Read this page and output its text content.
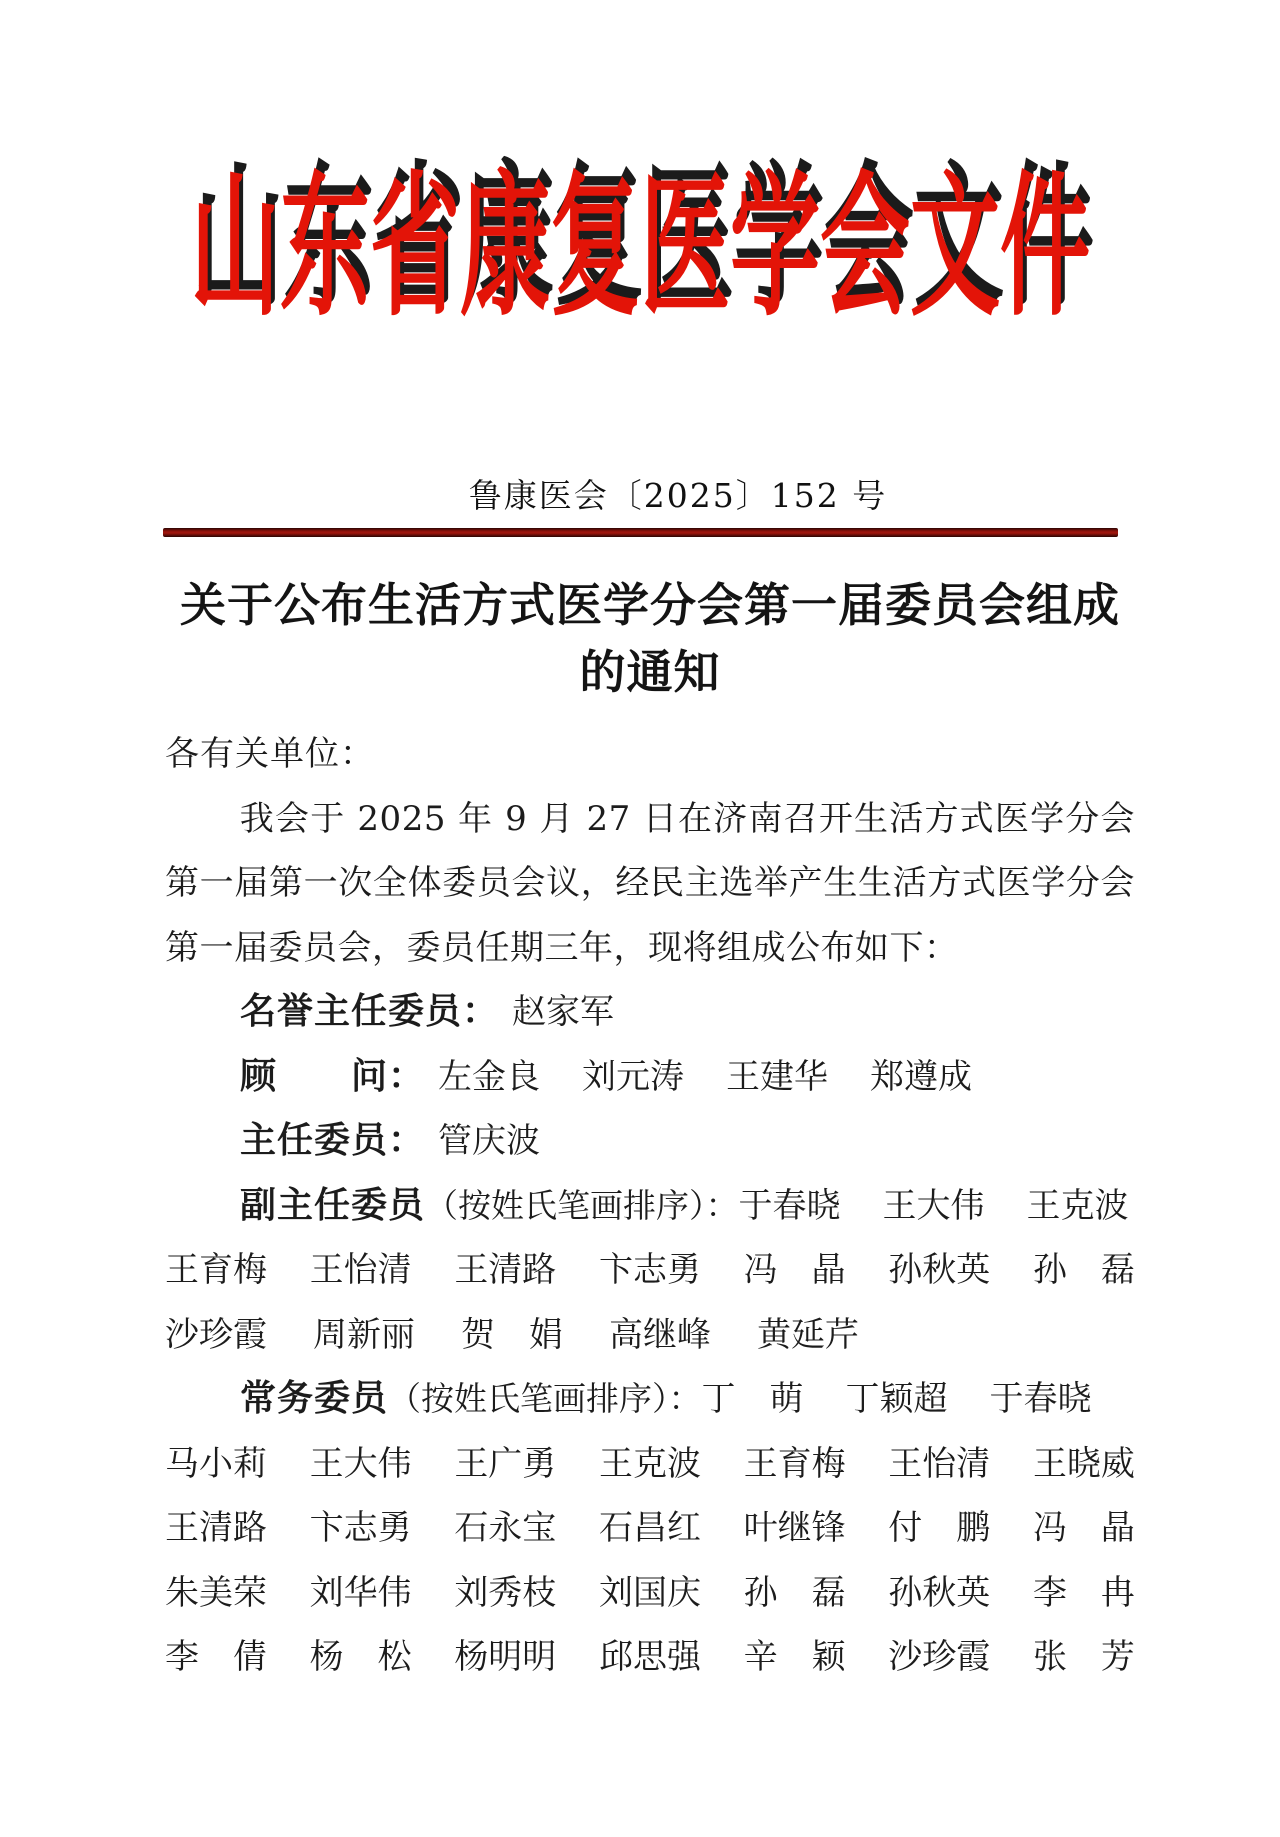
山东省康复医学会文件
鲁康医会〔2025〕152 号
关于公布生活方式医学分会第一届委员会组成
的通知
各有关单位：

我会于 2025 年 9 月 27 日在济南召开生活方式医学分会第一届第一次全体委员会议，经民主选举产生生活方式医学分会第一届委员会，委员任期三年，现将组成公布如下：

名誉主任委员： 赵家军
顾　　问： 左金良 刘元涛 王建华 郑遵成
主任委员： 管庆波
副主任委员（按姓氏笔画排序）： 于春晓 王大伟 王克波
王育梅 王怡清 王清路 卞志勇 冯　晶 孙秋英 孙　磊
沙珍霞 周新丽 贺　娟 高继峰 黄延芹
常务委员（按姓氏笔画排序）： 丁　萌 丁颖超 于春晓
马小莉 王大伟 王广勇 王克波 王育梅 王怡清 王晓威
王清路 卞志勇 石永宝 石昌红 叶继锋 付　鹏 冯　晶
朱美荣 刘华伟 刘秀枝 刘国庆 孙　磊 孙秋英 李　冉
李　倩 杨　松 杨明明 邱思强 辛　颖 沙珍霞 张　芳
